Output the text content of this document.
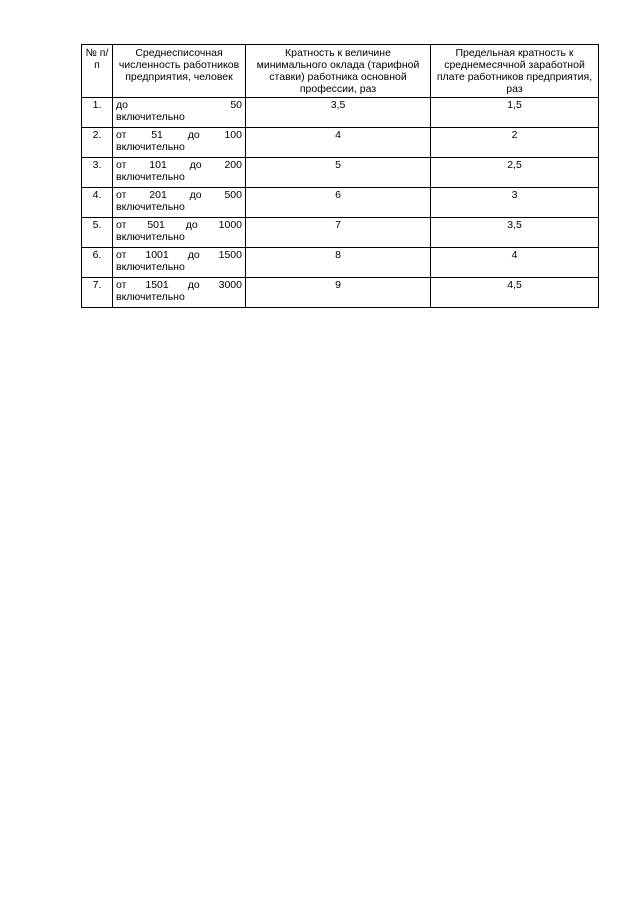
№ п/п	Среднесписочная численность работников предприятия, человек	Кратность к величине минимального оклада (тарифной ставки) работника основной профессии, раз	Предельная кратность к среднемесячной заработной плате работников предприятия, раз
1.	до 50
включительно	3,5	1,5
2.	от 51 до 100
включительно	4	2
3.	от 101 до 200
включительно	5	2,5
4.	от 201 до 500
включительно	6	3
5.	от 501 до 1000
включительно	7	3,5
6.	от 1001 до 1500
включительно	8	4
7.	от 1501 до 3000
включительно	9	4,5
